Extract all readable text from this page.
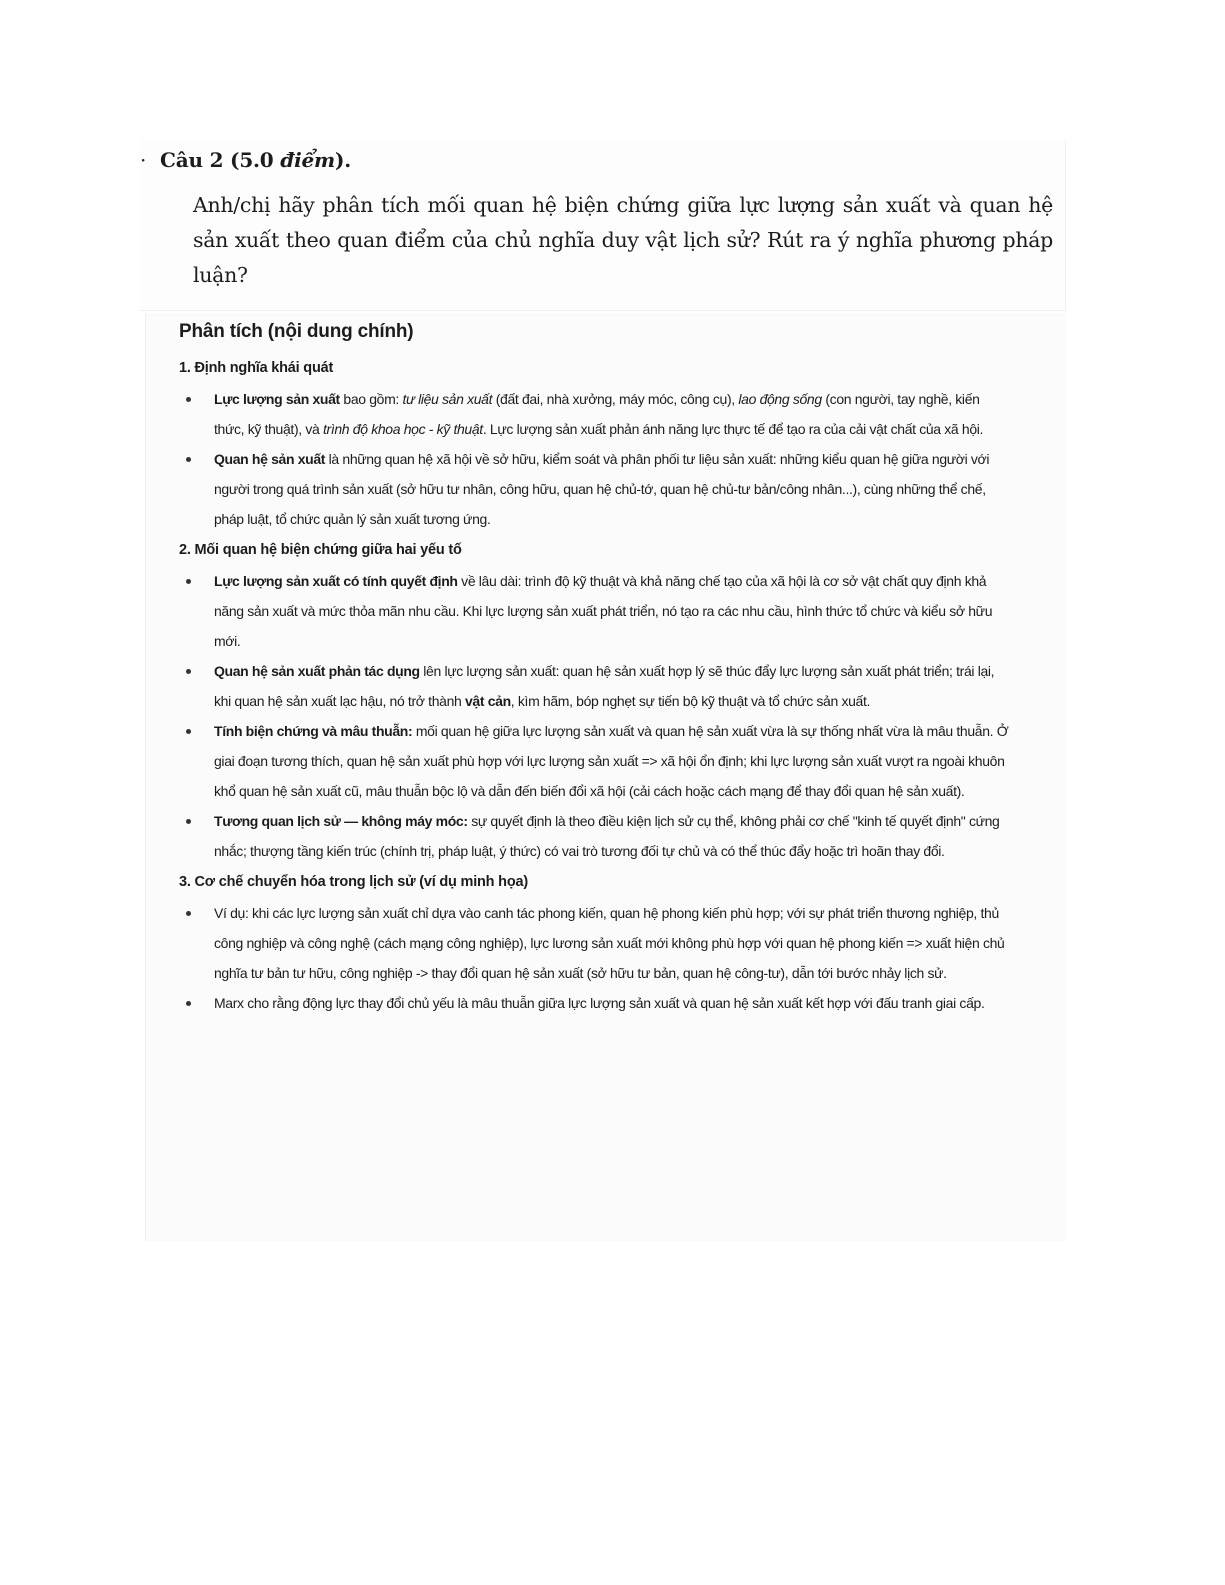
· Câu 2 (5.0 điểm).
Anh/chị hãy phân tích mối quan hệ biện chứng giữa lực lượng sản xuất và quan hệ sản xuất theo quan điểm của chủ nghĩa duy vật lịch sử? Rút ra ý nghĩa phương pháp luận?
Phân tích (nội dung chính)
1. Định nghĩa khái quát
Lực lượng sản xuất bao gồm: tư liệu sản xuất (đất đai, nhà xưởng, máy móc, công cụ), lao động sống (con người, tay nghề, kiến thức, kỹ thuật), và trình độ khoa học - kỹ thuật. Lực lượng sản xuất phản ánh năng lực thực tế để tạo ra của cải vật chất của xã hội.
Quan hệ sản xuất là những quan hệ xã hội về sở hữu, kiểm soát và phân phối tư liệu sản xuất: những kiểu quan hệ giữa người với người trong quá trình sản xuất (sở hữu tư nhân, công hữu, quan hệ chủ-tớ, quan hệ chủ-tư bản/công nhân...), cùng những thể chế, pháp luật, tổ chức quản lý sản xuất tương ứng.
2. Mối quan hệ biện chứng giữa hai yếu tố
Lực lượng sản xuất có tính quyết định về lâu dài: trình độ kỹ thuật và khả năng chế tạo của xã hội là cơ sở vật chất quy định khả năng sản xuất và mức thỏa mãn nhu cầu. Khi lực lượng sản xuất phát triển, nó tạo ra các nhu cầu, hình thức tổ chức và kiểu sở hữu mới.
Quan hệ sản xuất phản tác dụng lên lực lượng sản xuất: quan hệ sản xuất hợp lý sẽ thúc đẩy lực lượng sản xuất phát triển; trái lại, khi quan hệ sản xuất lạc hậu, nó trở thành vật cản, kìm hãm, bóp nghẹt sự tiến bộ kỹ thuật và tổ chức sản xuất.
Tính biện chứng và mâu thuẫn: mối quan hệ giữa lực lượng sản xuất và quan hệ sản xuất vừa là sự thống nhất vừa là mâu thuẫn. Ở giai đoạn tương thích, quan hệ sản xuất phù hợp với lực lượng sản xuất => xã hội ổn định; khi lực lượng sản xuất vượt ra ngoài khuôn khổ quan hệ sản xuất cũ, mâu thuẫn bộc lộ và dẫn đến biến đổi xã hội (cải cách hoặc cách mạng để thay đổi quan hệ sản xuất).
Tương quan lịch sử — không máy móc: sự quyết định là theo điều kiện lịch sử cụ thể, không phải cơ chế "kinh tế quyết định" cứng nhắc; thượng tầng kiến trúc (chính trị, pháp luật, ý thức) có vai trò tương đối tự chủ và có thể thúc đẩy hoặc trì hoãn thay đổi.
3. Cơ chế chuyển hóa trong lịch sử (ví dụ minh họa)
Ví dụ: khi các lực lượng sản xuất chỉ dựa vào canh tác phong kiến, quan hệ phong kiến phù hợp; với sự phát triển thương nghiệp, thủ công nghiệp và công nghệ (cách mạng công nghiệp), lực lương sản xuất mới không phù hợp với quan hệ phong kiến => xuất hiện chủ nghĩa tư bản tư hữu, công nghiệp -> thay đổi quan hệ sản xuất (sở hữu tư bản, quan hệ công-tư), dẫn tới bước nhảy lịch sử.
Marx cho rằng động lực thay đổi chủ yếu là mâu thuẫn giữa lực lượng sản xuất và quan hệ sản xuất kết hợp với đấu tranh giai cấp.
